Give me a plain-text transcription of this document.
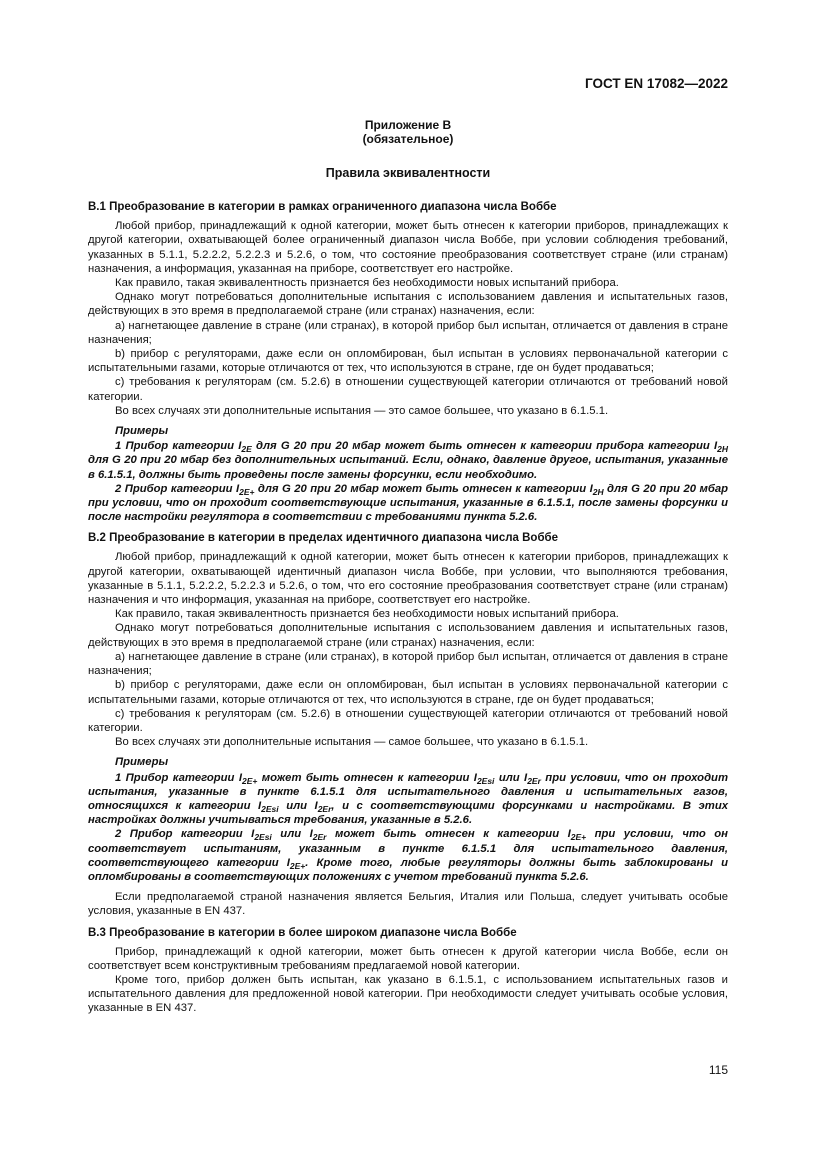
ГОСТ EN 17082—2022
Приложение В
(обязательное)
Правила эквивалентности
В.1 Преобразование в категории в рамках ограниченного диапазона числа Воббе

Любой прибор, принадлежащий к одной категории, может быть отнесен к категории приборов, принадлежащих к другой категории, охватывающей более ограниченный диапазон числа Воббе, при условии соблюдения требований, указанных в 5.1.1, 5.2.2.2, 5.2.2.3 и 5.2.6, о том, что состояние преобразования соответствует стране (или странам) назначения, а информация, указанная на приборе, соответствует его настройке.

Как правило, такая эквивалентность признается без необходимости новых испытаний прибора.

Однако могут потребоваться дополнительные испытания с использованием давления и испытательных газов, действующих в это время в предполагаемой стране (или странах) назначения, если:

a) нагнетающее давление в стране (или странах), в которой прибор был испытан, отличается от давления в стране назначения;

b) прибор с регуляторами, даже если он опломбирован, был испытан в условиях первоначальной категории с испытательными газами, которые отличаются от тех, что используются в стране, где он будет продаваться;

c) требования к регуляторам (см. 5.2.6) в отношении существующей категории отличаются от требований новой категории.

Во всех случаях эти дополнительные испытания — это самое большее, что указано в 6.1.5.1.

Примеры

1 Прибор категории $I_{2E}$ для G 20 при 20 мбар может быть отнесен к категории прибора категории $I_{2H}$ для G 20 при 20 мбар без дополнительных испытаний. Если, однако, давление другое, испытания, указанные в 6.1.5.1, должны быть проведены после замены форсунки, если необходимо.

2 Прибор категории $I_{2E+}$ для G 20 при 20 мбар может быть отнесен к категории $I_{2H}$ для G 20 при 20 мбар при условии, что он проходит соответствующие испытания, указанные в 6.1.5.1, после замены форсунки и после настройки регулятора в соответствии с требованиями пункта 5.2.6.

В.2 Преобразование в категории в пределах идентичного диапазона числа Воббе

Любой прибор, принадлежащий к одной категории, может быть отнесен к категории приборов, принадлежащих к другой категории, охватывающей идентичный диапазон числа Воббе, при условии, что выполняются требования, указанные в 5.1.1, 5.2.2.2, 5.2.2.3 и 5.2.6, о том, что его состояние преобразования соответствует стране (или странам) назначения и что информация, указанная на приборе, соответствует его настройке.

Как правило, такая эквивалентность признается без необходимости новых испытаний прибора.

Однако могут потребоваться дополнительные испытания с использованием давления и испытательных газов, действующих в это время в предполагаемой стране (или странах) назначения, если:

a) нагнетающее давление в стране (или странах), в которой прибор был испытан, отличается от давления в стране назначения;

b) прибор с регуляторами, даже если он опломбирован, был испытан в условиях первоначальной категории с испытательными газами, которые отличаются от тех, что используются в стране, где он будет продаваться;

c) требования к регуляторам (см. 5.2.6) в отношении существующей категории отличаются от требований новой категории.

Во всех случаях эти дополнительные испытания — самое большее, что указано в 6.1.5.1.

Примеры

1 Прибор категории $I_{2E+}$ может быть отнесен к категории $I_{2Esi}$ или $I_{2Er}$ при условии, что он проходит испытания, указанные в пункте 6.1.5.1 для испытательного давления и испытательных газов, относящихся к категории $I_{2Esi}$ или $I_{2Er}$, и с соответствующими форсунками и настройками. В этих настройках должны учитываться требования, указанные в 5.2.6.

2 Прибор категории $I_{2Esi}$ или $I_{2Er}$ может быть отнесен к категории $I_{2E+}$ при условии, что он соответствует испытаниям, указанным в пункте 6.1.5.1 для испытательного давления, соответствующего категории $I_{2E+}$. Кроме того, любые регуляторы должны быть заблокированы и опломбированы в соответствующих положениях с учетом требований пункта 5.2.6.

Если предполагаемой страной назначения является Бельгия, Италия или Польша, следует учитывать особые условия, указанные в EN 437.

В.3 Преобразование в категории в более широком диапазоне числа Воббе

Прибор, принадлежащий к одной категории, может быть отнесен к другой категории числа Воббе, если он соответствует всем конструктивным требованиям предлагаемой новой категории.

Кроме того, прибор должен быть испытан, как указано в 6.1.5.1, с использованием испытательных газов и испытательного давления для предложенной новой категории. При необходимости следует учитывать особые условия, указанные в EN 437.

115
